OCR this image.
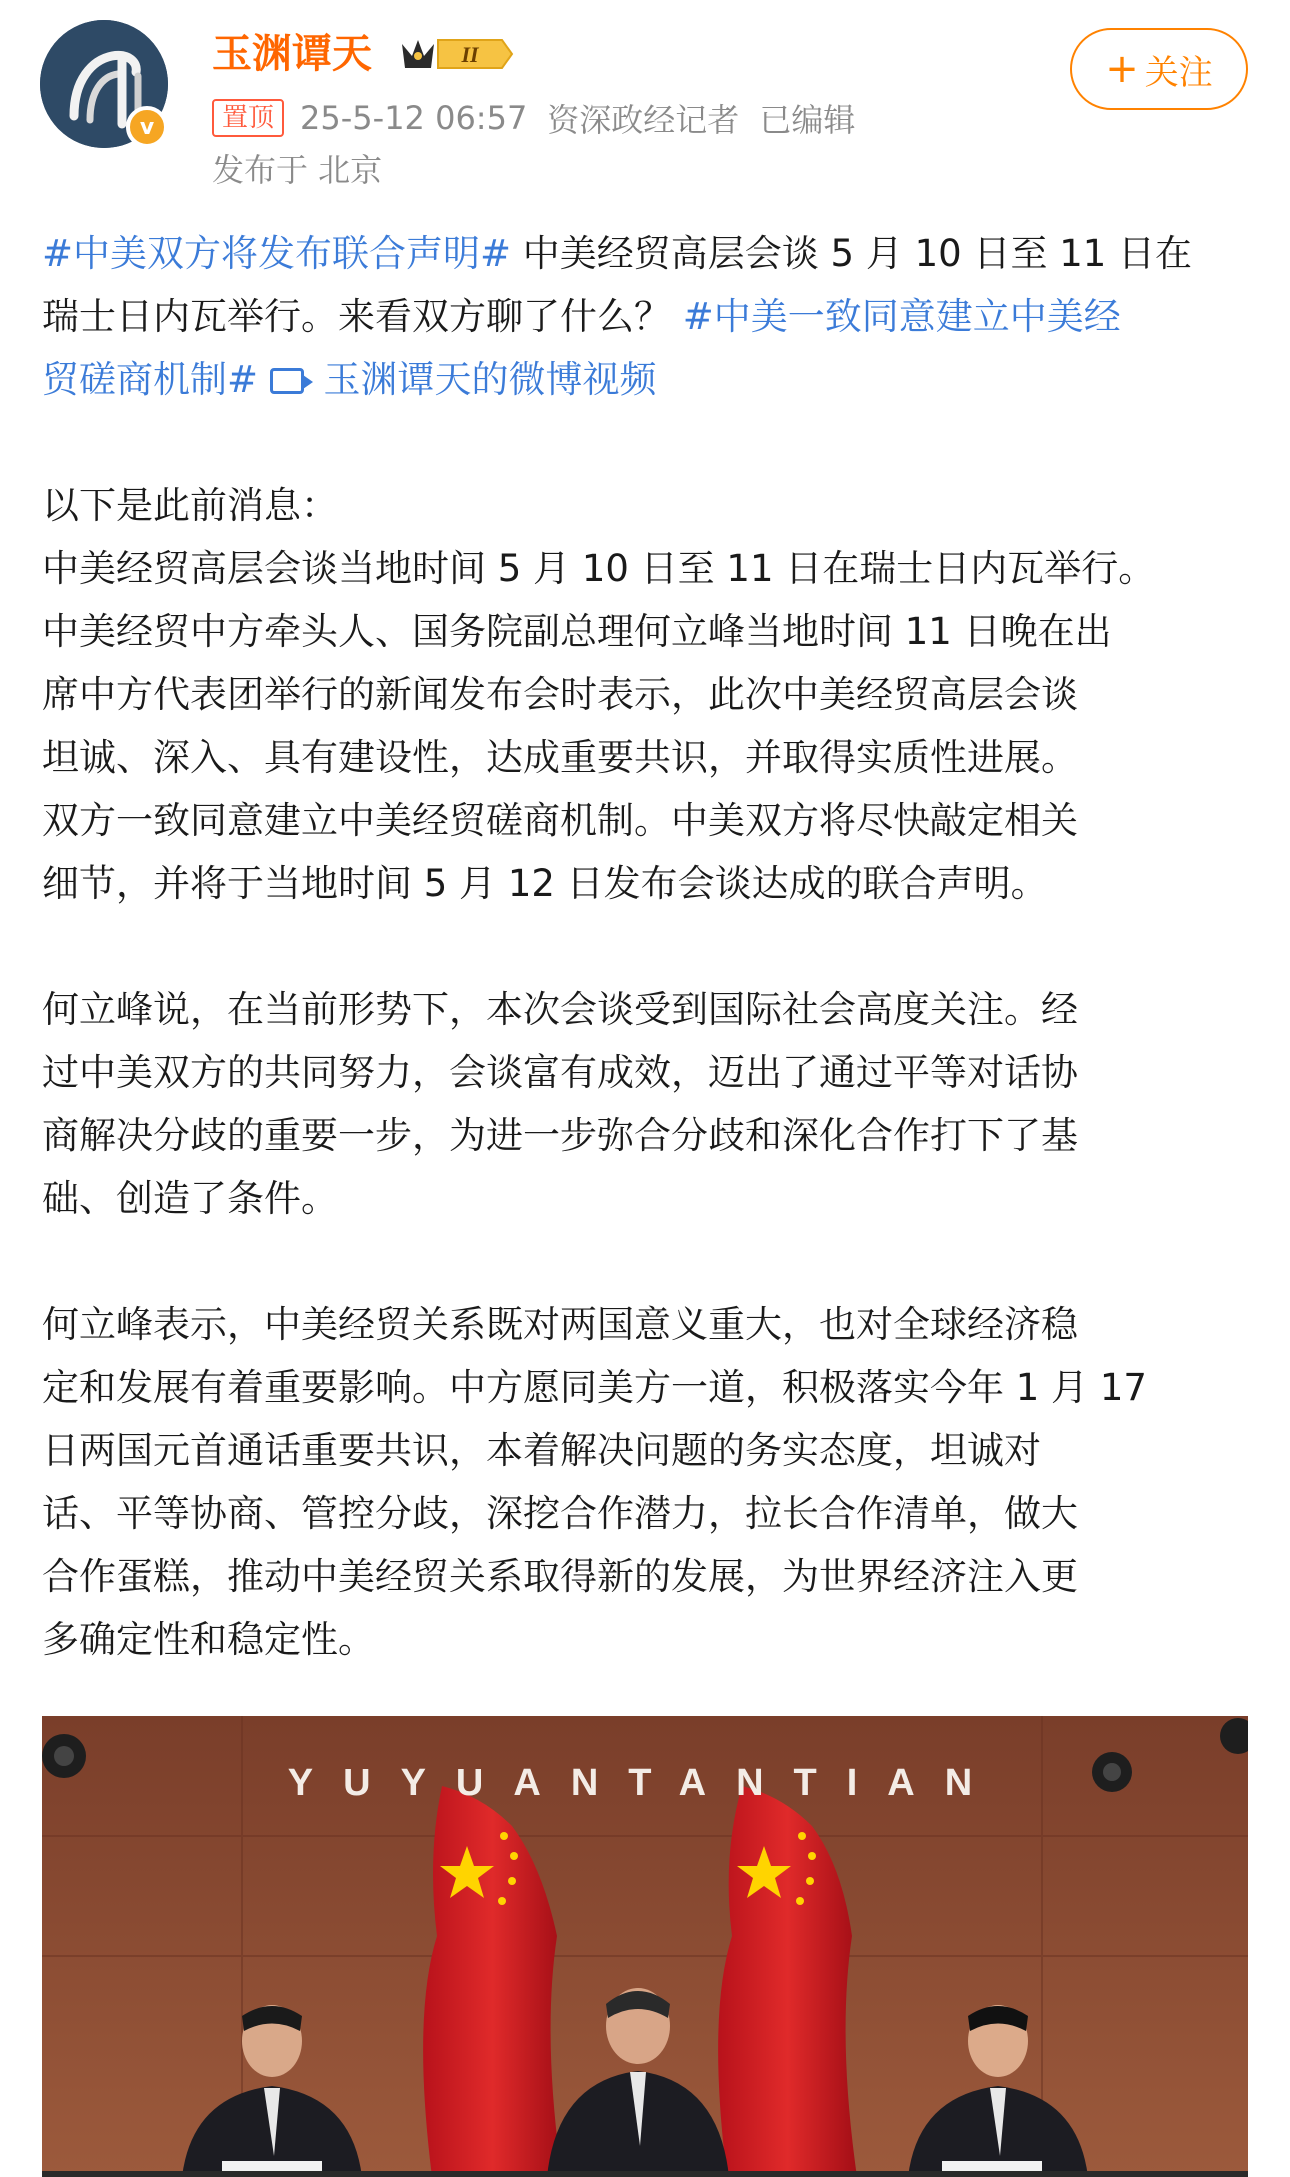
v
玉渊谭天	II	+ 关注
置顶 25-5-12 06:57 资深政经记者 已编辑
发布于 北京
#中美双方将发布联合声明# 中美经贸高层会谈 5 月 10 日至 11 日在
瑞士日内瓦举行。来看双方聊了什么？ #中美一致同意建立中美经
贸磋商机制# 玉渊谭天的微博视频
以下是此前消息：
中美经贸高层会谈当地时间 5 月 10 日至 11 日在瑞士日内瓦举行。
中美经贸中方牵头人、国务院副总理何立峰当地时间 11 日晚在出
席中方代表团举行的新闻发布会时表示，此次中美经贸高层会谈
坦诚、深入、具有建设性，达成重要共识，并取得实质性进展。
双方一致同意建立中美经贸磋商机制。中美双方将尽快敲定相关
细节，并将于当地时间 5 月 12 日发布会谈达成的联合声明。
何立峰说，在当前形势下，本次会谈受到国际社会高度关注。经
过中美双方的共同努力，会谈富有成效，迈出了通过平等对话协
商解决分歧的重要一步，为进一步弥合分歧和深化合作打下了基
础、创造了条件。
何立峰表示，中美经贸关系既对两国意义重大，也对全球经济稳
定和发展有着重要影响。中方愿同美方一道，积极落实今年 1 月 17
日两国元首通话重要共识，本着解决问题的务实态度，坦诚对
话、平等协商、管控分歧，深挖合作潜力，拉长合作清单，做大
合作蛋糕，推动中美经贸关系取得新的发展，为世界经济注入更
多确定性和稳定性。
YUYUANTANTIAN
